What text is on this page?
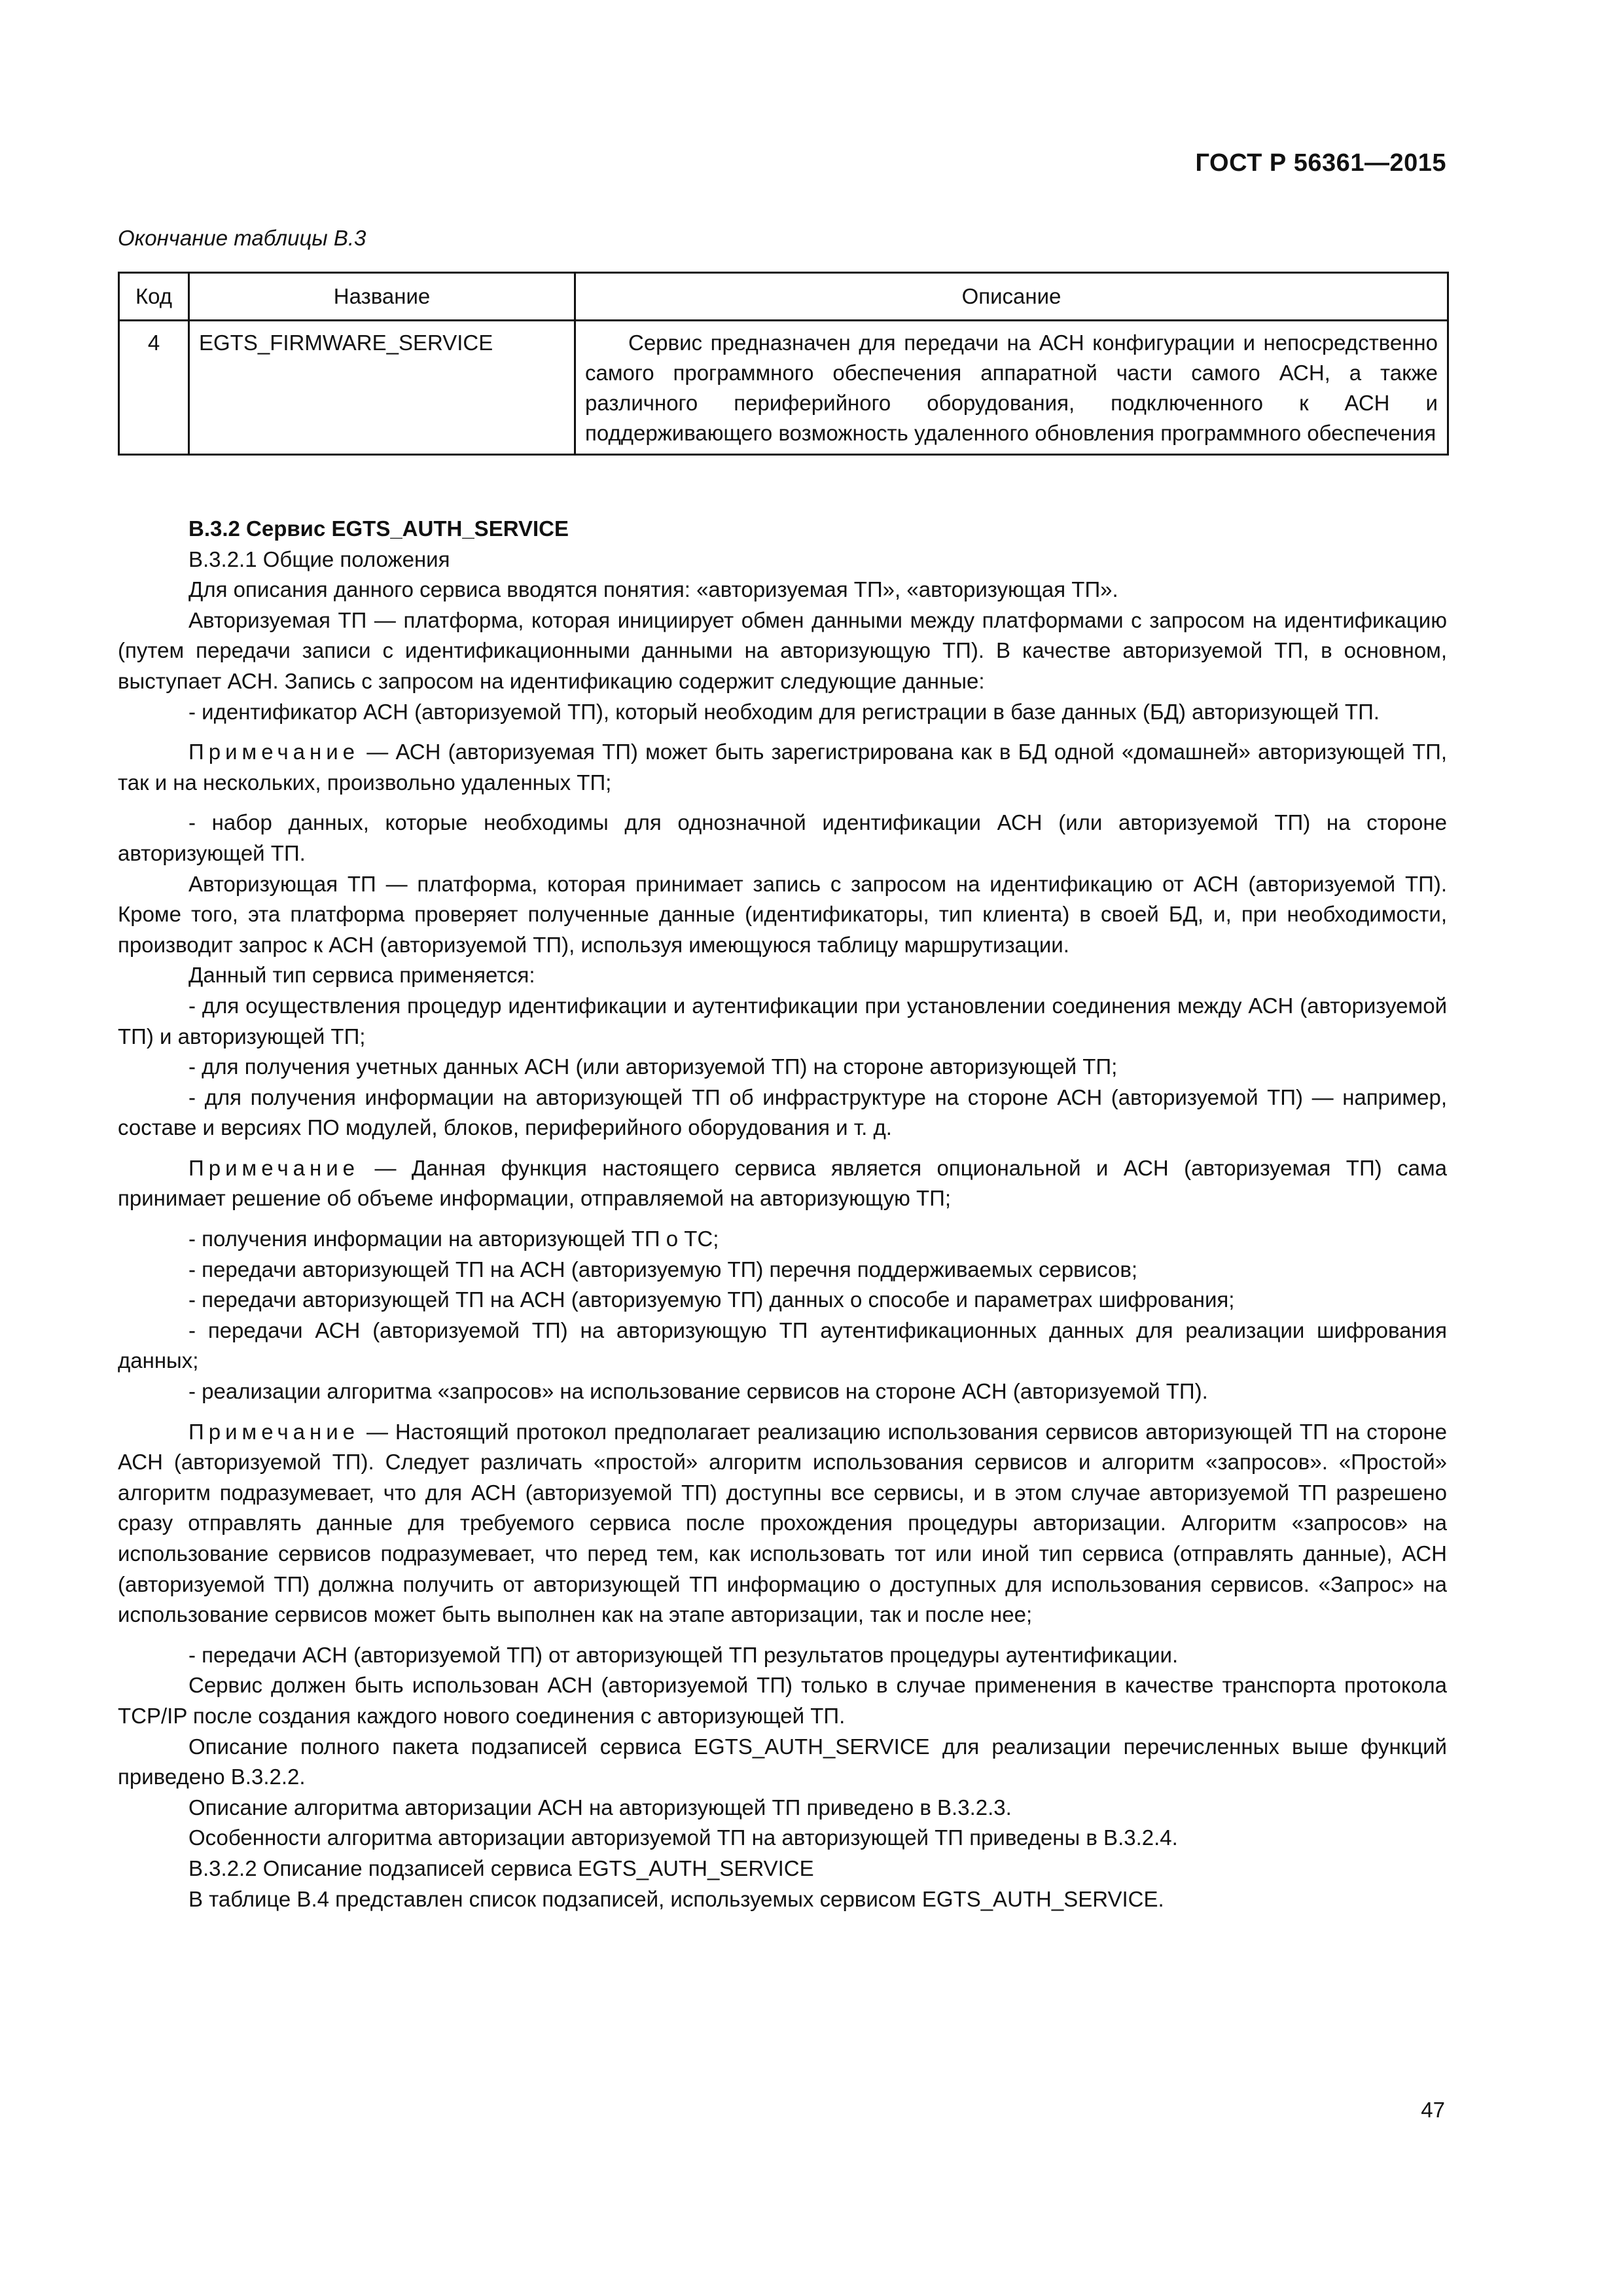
ГОСТ Р 56361—2015
Окончание таблицы В.3
Код	Название	Описание
4	EGTS_FIRMWARE_SERVICE	Сервис предназначен для передачи на АСН конфигурации и непосредственно самого программного обеспечения аппаратной части самого АСН, а также различного периферийного оборудования, подключенного к АСН и поддерживающего возможность удаленного обновления программного обеспечения

В.3.2 Сервис EGTS_AUTH_SERVICE

В.3.2.1 Общие положения

Для описания данного сервиса вводятся понятия: «авторизуемая ТП», «авторизующая ТП».

Авторизуемая ТП — платформа, которая инициирует обмен данными между платформами с запросом на идентификацию (путем передачи записи с идентификационными данными на авторизующую ТП). В качестве авторизуемой ТП, в основном, выступает АСН. Запись с запросом на идентификацию содержит следующие данные:

- идентификатор АСН (авторизуемой ТП), который необходим для регистрации в базе данных (БД) авторизующей ТП.

Примечание — АСН (авторизуемая ТП) может быть зарегистрирована как в БД одной «домашней» авторизующей ТП, так и на нескольких, произвольно удаленных ТП;

- набор данных, которые необходимы для однозначной идентификации АСН (или авторизуемой ТП) на стороне авторизующей ТП.

Авторизующая ТП — платформа, которая принимает запись с запросом на идентификацию от АСН (авторизуемой ТП). Кроме того, эта платформа проверяет полученные данные (идентификаторы, тип клиента) в своей БД, и, при необходимости, производит запрос к АСН (авторизуемой ТП), используя имеющуюся таблицу маршрутизации.

Данный тип сервиса применяется:

- для осуществления процедур идентификации и аутентификации при установлении соединения между АСН (авторизуемой ТП) и авторизующей ТП;

- для получения учетных данных АСН (или авторизуемой ТП) на стороне авторизующей ТП;

- для получения информации на авторизующей ТП об инфраструктуре на стороне АСН (авторизуемой ТП) — например, составе и версиях ПО модулей, блоков, периферийного оборудования и т. д.

Примечание — Данная функция настоящего сервиса является опциональной и АСН (авторизуемая ТП) сама принимает решение об объеме информации, отправляемой на авторизующую ТП;

- получения информации на авторизующей ТП о ТС;

- передачи авторизующей ТП на АСН (авторизуемую ТП) перечня поддерживаемых сервисов;

- передачи авторизующей ТП на АСН (авторизуемую ТП) данных о способе и параметрах шифрования;

- передачи АСН (авторизуемой ТП) на авторизующую ТП аутентификационных данных для реализации шифрования данных;

- реализации алгоритма «запросов» на использование сервисов на стороне АСН (авторизуемой ТП).

Примечание — Настоящий протокол предполагает реализацию использования сервисов авторизующей ТП на стороне АСН (авторизуемой ТП). Следует различать «простой» алгоритм использования сервисов и алгоритм «запросов». «Простой» алгоритм подразумевает, что для АСН (авторизуемой ТП) доступны все сервисы, и в этом случае авторизуемой ТП разрешено сразу отправлять данные для требуемого сервиса после прохождения процедуры авторизации. Алгоритм «запросов» на использование сервисов подразумевает, что перед тем, как использовать тот или иной тип сервиса (отправлять данные), АСН (авторизуемой ТП) должна получить от авторизующей ТП информацию о доступных для использования сервисов. «Запрос» на использование сервисов может быть выполнен как на этапе авторизации, так и после нее;

- передачи АСН (авторизуемой ТП) от авторизующей ТП результатов процедуры аутентификации.

Сервис должен быть использован АСН (авторизуемой ТП) только в случае применения в качестве транспорта протокола TCP/IP после создания каждого нового соединения с авторизующей ТП.

Описание полного пакета подзаписей сервиса EGTS_AUTH_SERVICE для реализации перечисленных выше функций приведено В.3.2.2.

Описание алгоритма авторизации АСН на авторизующей ТП приведено в В.3.2.3.

Особенности алгоритма авторизации авторизуемой ТП на авторизующей ТП приведены в В.3.2.4.

В.3.2.2 Описание подзаписей сервиса EGTS_AUTH_SERVICE

В таблице В.4 представлен список подзаписей, используемых сервисом EGTS_AUTH_SERVICE.

47
